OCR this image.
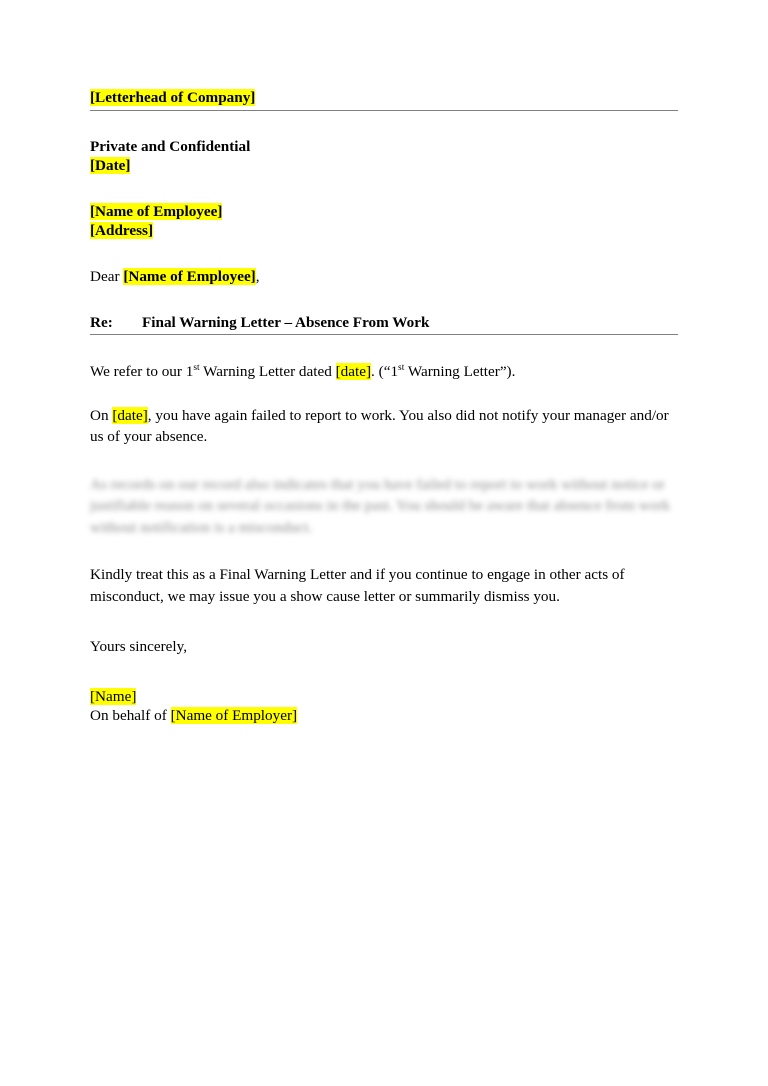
[Letterhead of Company]
Private and Confidential
[Date]
[Name of Employee]
[Address]
Dear [Name of Employee],
Re:	Final Warning Letter – Absence From Work

We refer to our 1st Warning Letter dated [date]. (“1st Warning Letter”).

On [date], you have again failed to report to work. You also did not notify your manager and/or us of your absence.

As records on our record also indicates that you have failed to report to work without notice or
justifiable reason on several occasions in the past. You should be aware that absence from work
without notification is a misconduct.

Kindly treat this as a Final Warning Letter and if you continue to engage in other acts of misconduct, we may issue you a show cause letter or summarily dismiss you.

Yours sincerely,
[Name]
On behalf of [Name of Employer]
